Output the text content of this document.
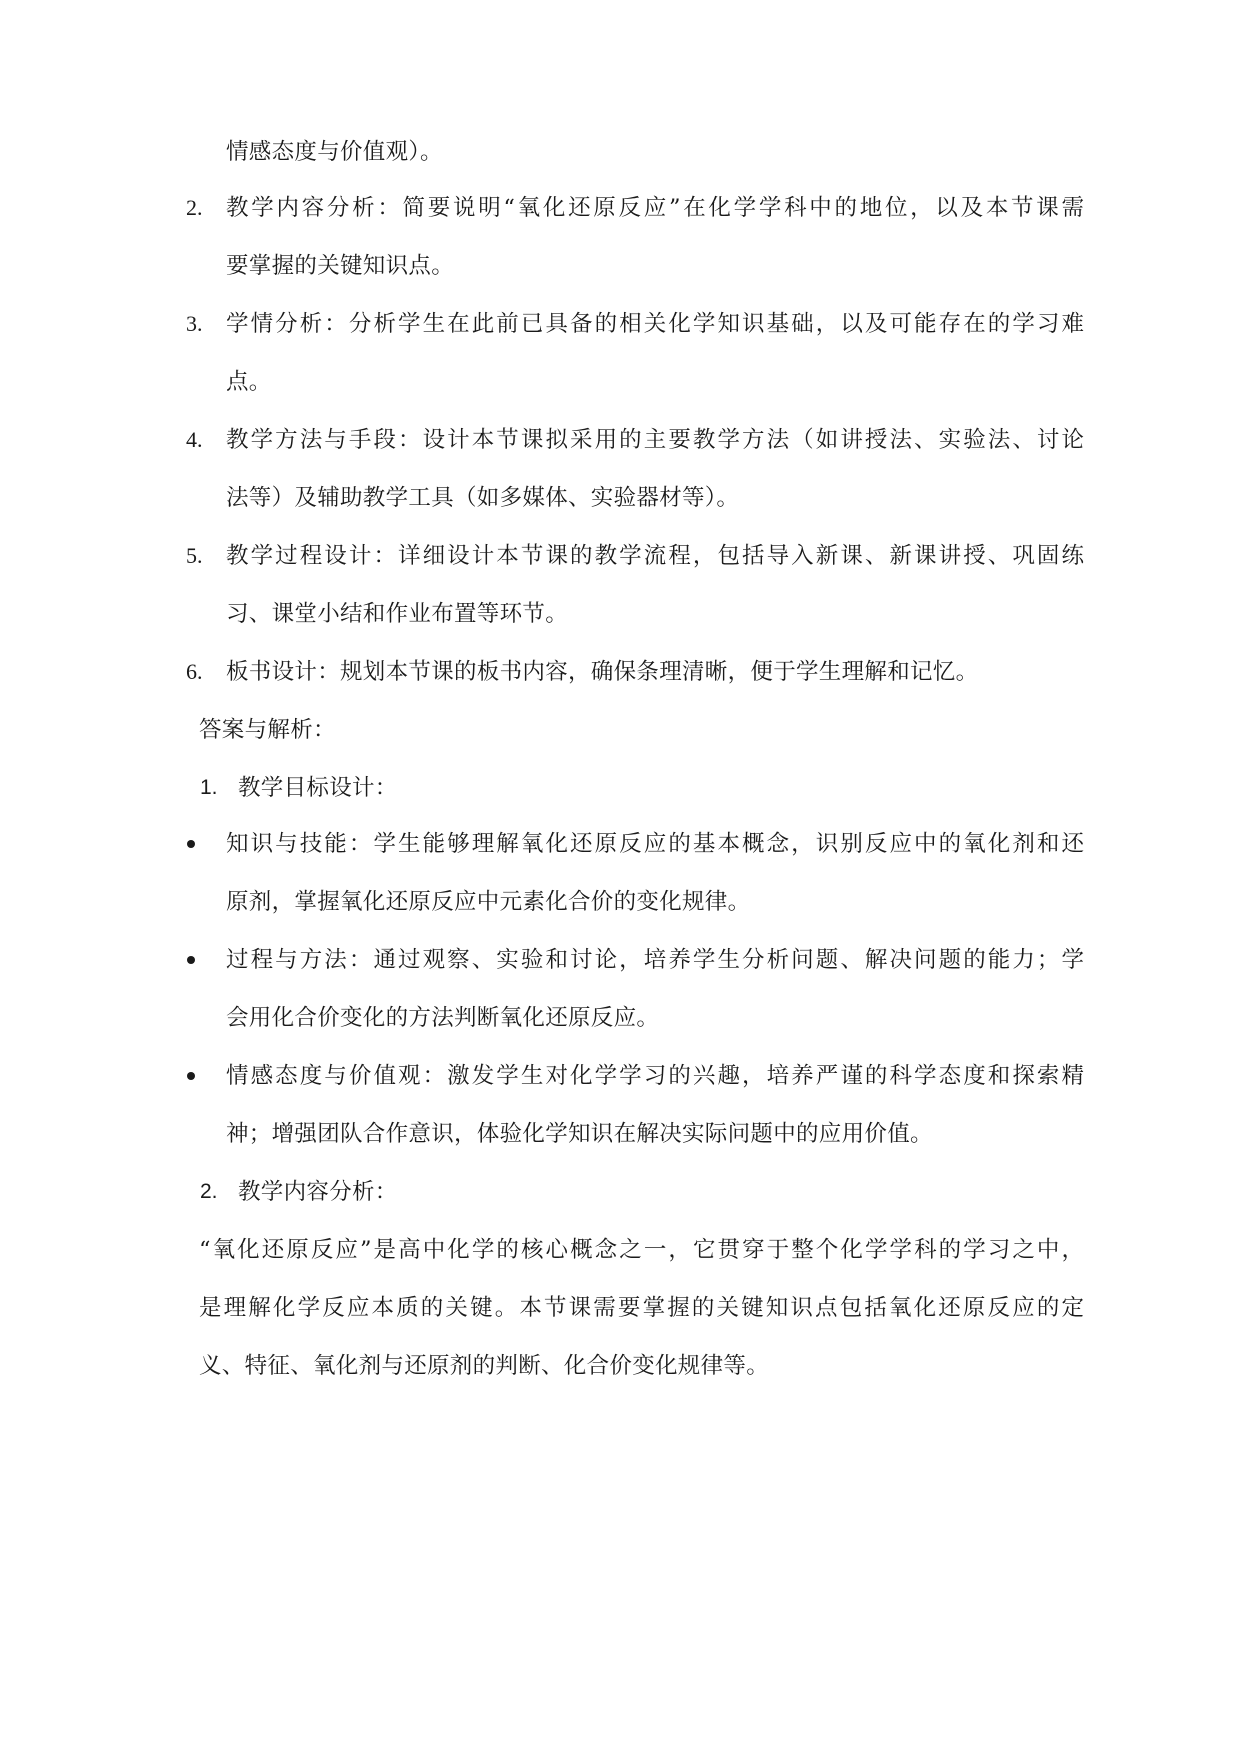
情感态度与价值观）。
2. 教学内容分析：简要说明“氧化还原反应”在化学学科中的地位，以及本节课需
要掌握的关键知识点。
3. 学情分析：分析学生在此前已具备的相关化学知识基础，以及可能存在的学习难
点。
4. 教学方法与手段：设计本节课拟采用的主要教学方法（如讲授法、实验法、讨论
法等）及辅助教学工具（如多媒体、实验器材等）。
5. 教学过程设计：详细设计本节课的教学流程，包括导入新课、新课讲授、巩固练
习、课堂小结和作业布置等环节。
6. 板书设计：规划本节课的板书内容，确保条理清晰，便于学生理解和记忆。
答案与解析：
1. 教学目标设计：
知识与技能：学生能够理解氧化还原反应的基本概念，识别反应中的氧化剂和还
原剂，掌握氧化还原反应中元素化合价的变化规律。
过程与方法：通过观察、实验和讨论，培养学生分析问题、解决问题的能力；学
会用化合价变化的方法判断氧化还原反应。
情感态度与价值观：激发学生对化学学习的兴趣，培养严谨的科学态度和探索精
神；增强团队合作意识，体验化学知识在解决实际问题中的应用价值。
2. 教学内容分析：
“氧化还原反应”是高中化学的核心概念之一，它贯穿于整个化学学科的学习之中，
是理解化学反应本质的关键。本节课需要掌握的关键知识点包括氧化还原反应的定
义、特征、氧化剂与还原剂的判断、化合价变化规律等。
